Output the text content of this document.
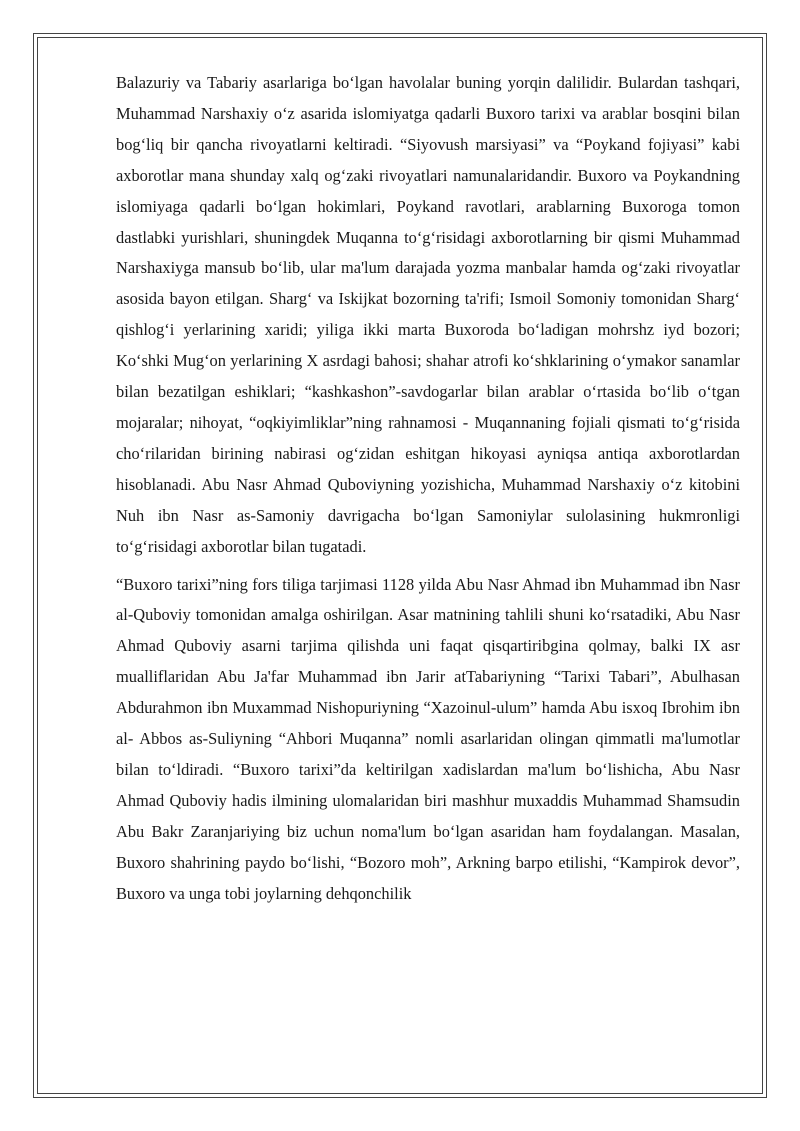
Balazuriy va Tabariy asarlariga bo‘lgan havolalar buning yorqin dalilidir. Bulardan tashqari, Muhammad Narshaxiy o‘z asarida islomiyatga qadarli Buxoro tarixi va arablar bosqini bilan bog‘liq bir qancha rivoyatlarni keltiradi. “Siyovush marsiyasi” va “Poykand fojiyasi” kabi axborotlar mana shunday xalq og‘zaki rivoyatlari namunalaridandir. Buxoro va Poykandning islomiyaga qadarli bo‘lgan hokimlari, Poykand ravotlari, arablarning Buxoroga tomon dastlabki yurishlari, shuningdek Muqanna to‘g‘risidagi axborotlarning bir qismi Muhammad Narshaxiyga mansub bo‘lib, ular ma'lum darajada yozma manbalar hamda og‘zaki rivoyatlar asosida bayon etilgan. Sharg‘ va Iskijkat bozorning ta'rifi; Ismoil Somoniy tomonidan Sharg‘ qishlog‘i yerlarining xaridi; yiliga ikki marta Buxoroda bo‘ladigan mohrshz iyd bozori; Ko‘shki Mug‘on yerlarining X asrdagi bahosi; shahar atrofi ko‘shklarining o‘ymakor sanamlar bilan bezatilgan eshiklari; “kashkashon”-savdogarlar bilan arablar o‘rtasida bo‘lib o‘tgan mojaralar; nihoyat, “oqkiyimliklar”ning rahnamosi - Muqannaning fojiali qismati to‘g‘risida cho‘rilaridan birining nabirasi og‘zidan eshitgan hikoyasi ayniqsa antiqa axborotlardan hisoblanadi. Abu Nasr Ahmad Quboviyning yozishicha, Muhammad Narshaxiy o‘z kitobini Nuh ibn Nasr as-Samoniy davrigacha bo‘lgan Samoniylar sulolasining hukmronligi to‘g‘risidagi axborotlar bilan tugatadi.

“Buxoro tarixi”ning fors tiliga tarjimasi 1128 yilda Abu Nasr Ahmad ibn Muhammad ibn Nasr al-Quboviy tomonidan amalga oshirilgan. Asar matnining tahlili shuni ko‘rsatadiki, Abu Nasr Ahmad Quboviy asarni tarjima qilishda uni faqat qisqartiribgina qolmay, balki IX asr mualliflaridan Abu Ja'far Muhammad ibn Jarir atTabariyning “Tarixi Tabari”, Abulhasan Abdurahmon ibn Muxammad Nishopuriyning “Xazoinul-ulum” hamda Abu isxoq Ibrohim ibn al- Abbos as-Suliyning “Ahbori Muqanna” nomli asarlaridan olingan qimmatli ma'lumotlar bilan to‘ldiradi. “Buxoro tarixi”da keltirilgan xadislardan ma'lum bo‘lishicha, Abu Nasr Ahmad Quboviy hadis ilmining ulomalaridan biri mashhur muxaddis Muhammad Shamsudin Abu Bakr Zaranjariying biz uchun noma'lum bo‘lgan asaridan ham foydalangan. Masalan, Buxoro shahrining paydo bo‘lishi, “Bozoro moh”, Arkning barpo etilishi, “Kampirok devor”, Buxoro va unga tobi joylarning dehqonchilik
